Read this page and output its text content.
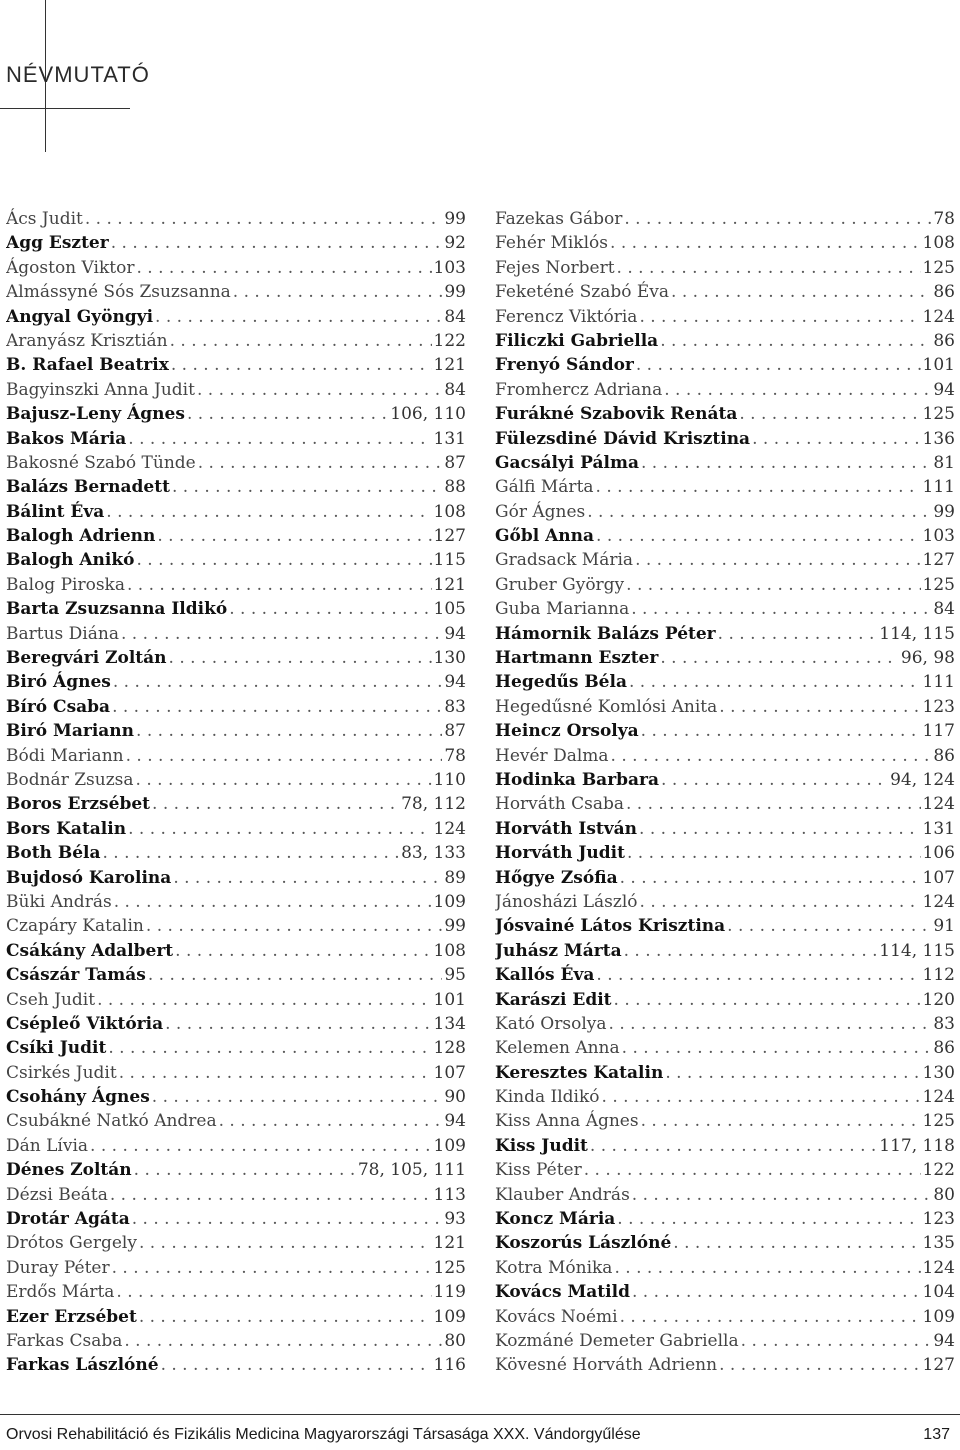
NÉVMUTATÓ
Ács Judit . . .	99
Agg Eszter . . .	92
Ágoston Viktor . . .	103
Almássyné Sós Zsuzsanna . . .	99
Angyal Gyöngyi . . .	84
Aranyász Krisztián . . .	122
B. Rafael Beatrix . . .	121
Bagyinszki Anna Judit . . .	84
Bajusz-Leny Ágnes . . .	106, 110
Bakos Mária . . .	131
Bakosné Szabó Tünde . . .	87
Balázs Bernadett . . .	88
Bálint Éva . . .	108
Balogh Adrienn . . .	127
Balogh Anikó . . .	115
Balog Piroska . . .	121
Barta Zsuzsanna Ildikó . . .	105
Bartus Diána . . .	94
Beregvári Zoltán . . .	130
Biró Ágnes . . .	94
Bíró Csaba . . .	83
Biró Mariann . . .	87
Bódi Mariann . . .	78
Bodnár Zsuzsa . . .	110
Boros Erzsébet . . .	78, 112
Bors Katalin . . .	124
Both Béla . . .	83, 133
Bujdosó Karolina . . .	89
Büki András . . .	109
Czapáry Katalin . . .	99
Csákány Adalbert . . .	108
Császár Tamás . . .	95
Cseh Judit . . .	101
Csépleő Viktória . . .	134
Csíki Judit . . .	128
Csirkés Judit . . .	107
Csohány Ágnes . . .	90
Csubákné Natkó Andrea . . .	94
Dán Lívia . . .	109
Dénes Zoltán . . .	78, 105, 111
Dézsi Beáta . . .	113
Drotár Agáta . . .	93
Drótos Gergely . . .	121
Duray Péter . . .	125
Erdős Márta . . .	119
Ezer Erzsébet . . .	109
Farkas Csaba . . .	80
Farkas Lászlóné . . .	116
Fazekas Gábor . . .	78
Fehér Miklós . . .	108
Fejes Norbert . . .	125
Feketéné Szabó Éva . . .	86
Ferencz Viktória . . .	124
Filiczki Gabriella . . .	86
Frenyó Sándor . . .	101
Fromhercz Adriana . . .	94
Furákné Szabovik Renáta . . .	125
Fülezsdiné Dávid Krisztina . . .	136
Gacsályi Pálma . . .	81
Gálfi Márta . . .	111
Gór Ágnes . . .	99
Gőbl Anna . . .	103
Gradsack Mária . . .	127
Gruber György . . .	125
Guba Marianna . . .	84
Hámornik Balázs Péter . . .	114, 115
Hartmann Eszter . . .	96, 98
Hegedűs Béla . . .	111
Hegedűsné Komlósi Anita . . .	123
Heincz Orsolya . . .	117
Hevér Dalma . . .	86
Hodinka Barbara . . .	94, 124
Horváth Csaba . . .	124
Horváth István . . .	131
Horváth Judit . . .	106
Hőgye Zsófia . . .	107
Jánosházi László . . .	124
Jósvainé Látos Krisztina . . .	91
Juhász Márta . . .	114, 115
Kallós Éva . . .	112
Karászi Edit . . .	120
Kató Orsolya . . .	83
Kelemen Anna . . .	86
Keresztes Katalin . . .	130
Kinda Ildikó . . .	124
Kiss Anna Ágnes . . .	125
Kiss Judit . . .	117, 118
Kiss Péter . . .	122
Klauber András . . .	80
Koncz Mária . . .	123
Koszorús Lászlóné . . .	135
Kotra Mónika . . .	124
Kovács Matild . . .	104
Kovács Noémi . . .	109
Kozmáné Demeter Gabriella . . .	94
Kövesné Horváth Adrienn . . .	127
Orvosi Rehabilitáció és Fizikális Medicina Magyarországi Társasága XXX. Vándorgyűlése	137
